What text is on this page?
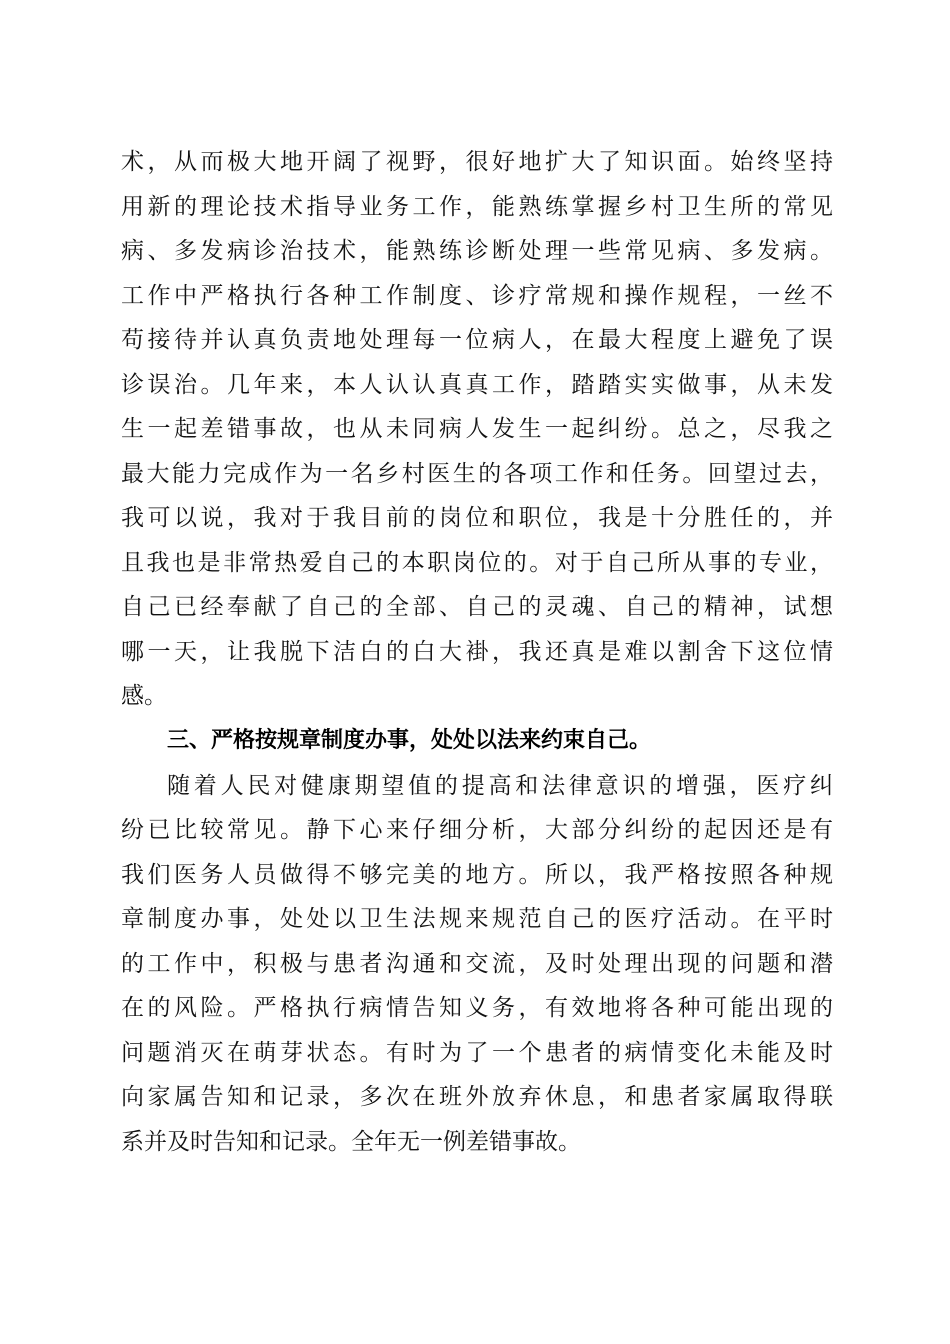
术，从而极大地开阔了视野，很好地扩大了知识面。始终坚持
用新的理论技术指导业务工作，能熟练掌握乡村卫生所的常见
病、多发病诊治技术，能熟练诊断处理一些常见病、多发病。
工作中严格执行各种工作制度、诊疗常规和操作规程，一丝不
苟接待并认真负责地处理每一位病人，在最大程度上避免了误
诊误治。几年来，本人认认真真工作，踏踏实实做事，从未发
生一起差错事故，也从未同病人发生一起纠纷。总之，尽我之
最大能力完成作为一名乡村医生的各项工作和任务。回望过去，
我可以说，我对于我目前的岗位和职位，我是十分胜任的，并
且我也是非常热爱自己的本职岗位的。对于自己所从事的专业，
自己已经奉献了自己的全部、自己的灵魂、自己的精神，试想
哪一天，让我脱下洁白的白大褂，我还真是难以割舍下这位情
感。
三、严格按规章制度办事，处处以法来约束自己。
随着人民对健康期望值的提高和法律意识的增强，医疗纠
纷已比较常见。静下心来仔细分析，大部分纠纷的起因还是有
我们医务人员做得不够完美的地方。所以，我严格按照各种规
章制度办事，处处以卫生法规来规范自己的医疗活动。在平时
的工作中，积极与患者沟通和交流，及时处理出现的问题和潜
在的风险。严格执行病情告知义务，有效地将各种可能出现的
问题消灭在萌芽状态。有时为了一个患者的病情变化未能及时
向家属告知和记录，多次在班外放弃休息，和患者家属取得联
系并及时告知和记录。全年无一例差错事故。
